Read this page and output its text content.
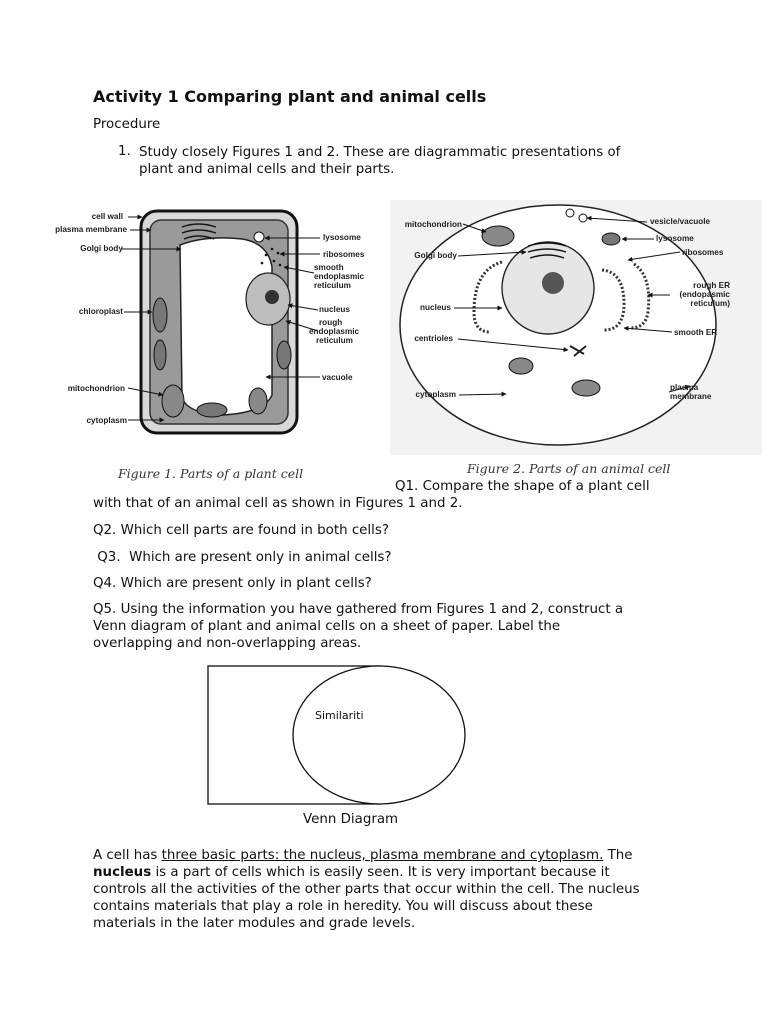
Activity 1 Comparing plant and animal cells
Procedure
1. Study closely Figures 1 and 2. These are diagrammatic presentations of
plant and animal cells and their parts.
cell wall
plasma membrane
Golgi body
chloroplast
mitochondrion
cytoplasm
lysosome
ribosomes
smooth
endoplasmic
reticulum
nucleus
rough
endoplasmic
reticulum
vacuole
mitochondrion
Golgi body
nucleus
centrioles
cytoplasm
vesicle/vacuole
lysosome
ribosomes
rough ER
(endopasmic
reticulum)
smooth ER
plasma
membrane
Figure 1. Parts of a plant cell	Figure 2. Parts of an animal cell
Q1. Compare the shape of a plant cell
with that of an animal cell as shown in Figures 1 and 2.
Q2. Which cell parts are found in both cells?
Q3.  Which are present only in animal cells?
Q4. Which are present only in plant cells?
Q5. Using the information you have gathered from Figures 1 and 2, construct a
Venn diagram of plant and animal cells on a sheet of paper. Label the
overlapping and non-overlapping areas.
Similariti
Venn Diagram
A cell has three basic parts: the nucleus, plasma membrane and cytoplasm. The
nucleus is a part of cells which is easily seen. It is very important because it
controls all the activities of the other parts that occur within the cell. The nucleus
contains materials that play a role in heredity. You will discuss about these
materials in the later modules and grade levels.
